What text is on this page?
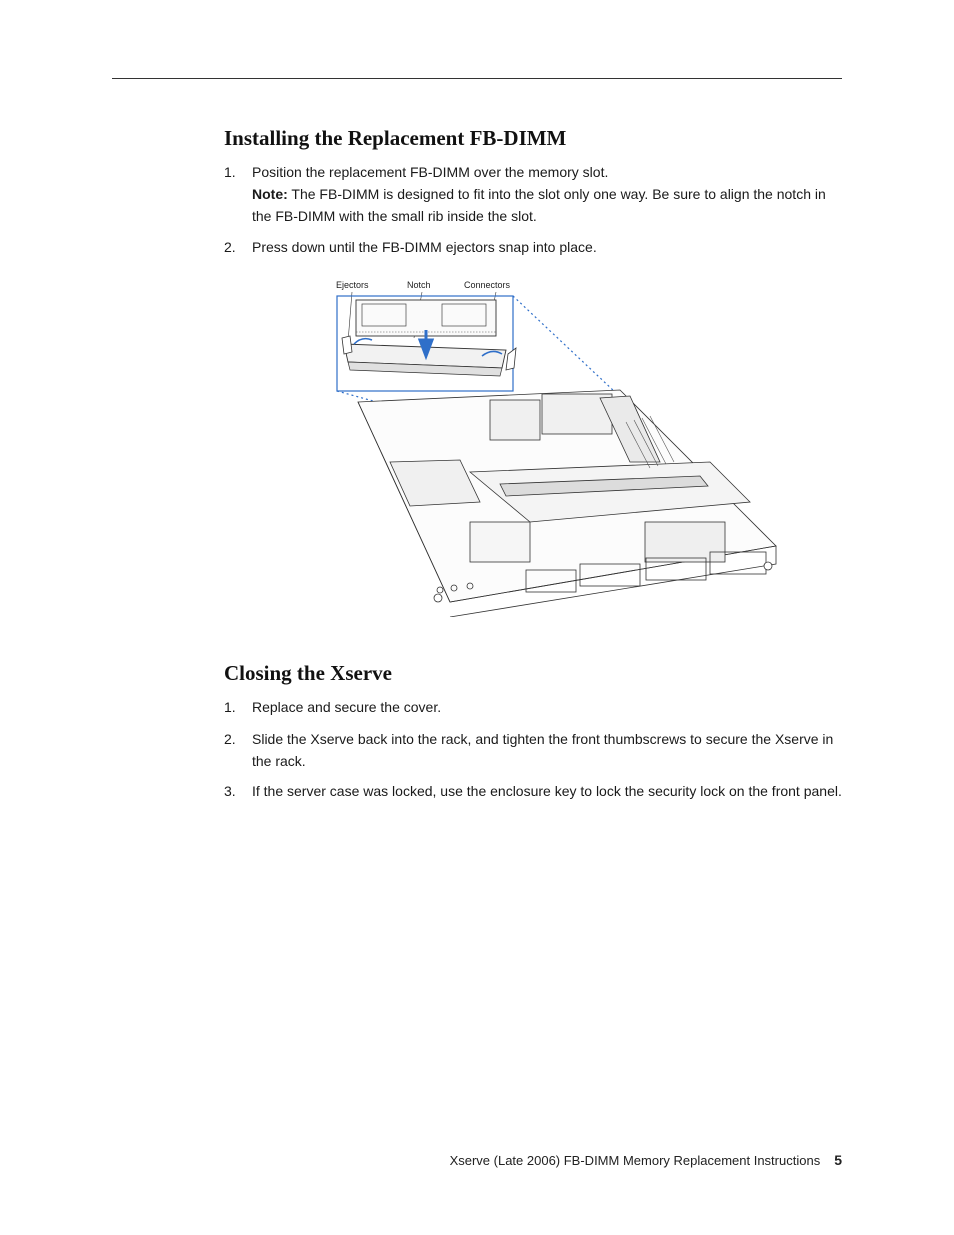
Installing the Replacement FB-DIMM
1. Position the replacement FB-DIMM over the memory slot.
Note: The FB-DIMM is designed to fit into the slot only one way. Be sure to align the notch in the FB-DIMM with the small rib inside the slot.
2. Press down until the FB-DIMM ejectors snap into place.
Ejectors	Notch	Connectors
Closing the Xserve
1. Replace and secure the cover.
2. Slide the Xserve back into the rack, and tighten the front thumbscrews to secure the Xserve in the rack.
3. If the server case was locked, use the enclosure key to lock the security lock on the front panel.
Xserve (Late 2006) FB-DIMM Memory Replacement Instructions 5
